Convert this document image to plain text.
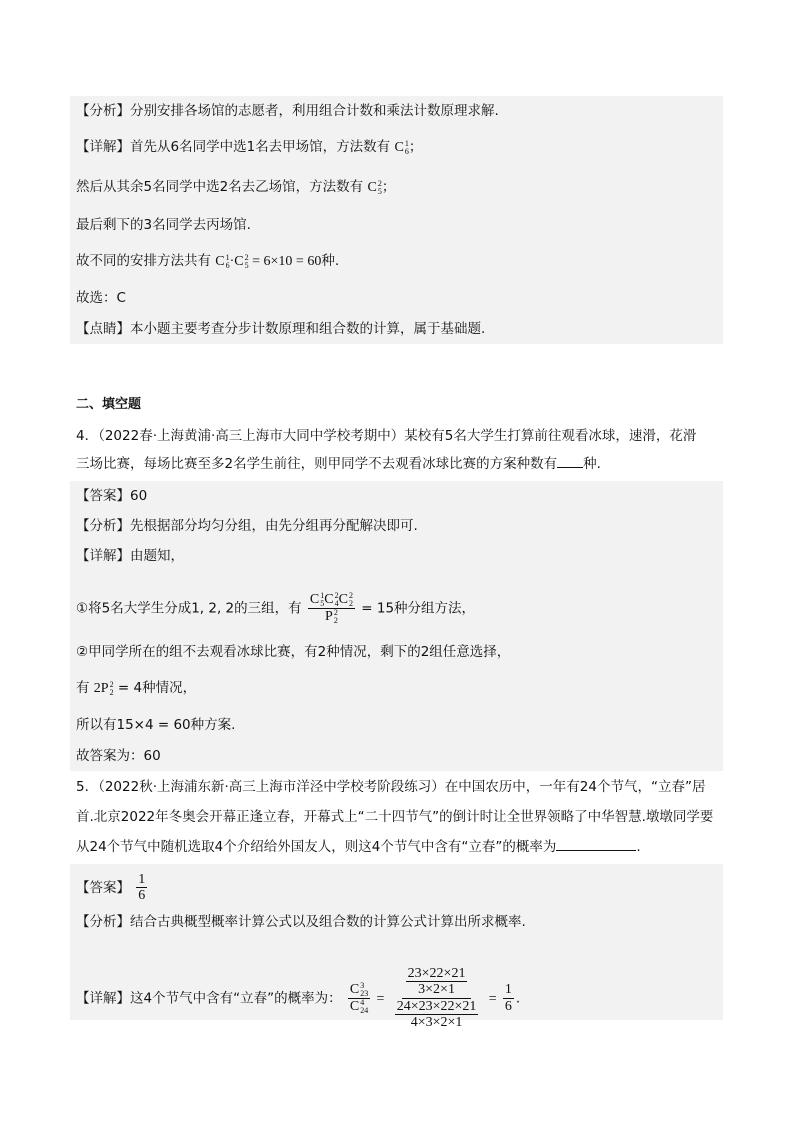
【分析】分别安排各场馆的志愿者，利用组合计数和乘法计数原理求解.
【详解】首先从6名同学中选1名去甲场馆，方法数有 C 1
6 ；
然后从其余5名同学中选2名去乙场馆，方法数有 C 2
5 ；
最后剩下的3名同学去丙场馆.
故不同的安排方法共有 C 1
6 ·C 2
5 = 6×10 = 60种.
故选：C
【点睛】本小题主要考查分步计数原理和组合数的计算，属于基础题.
二、填空题
4．（2022春·上海黄浦·高三上海市大同中学校考期中）某校有5名大学生打算前往观看冰球，速滑，花滑
三场比赛，每场比赛至多2名学生前往，则甲同学不去观看冰球比赛的方案种数有 种.
【答案】60
【分析】先根据部分均匀分组，由先分组再分配解决即可.
【详解】由题知，
①将5名大学生分成1, 2, 2的三组，有 C 1
5 C 2
4 C 2
2
P 2
2 = 15种分组方法，
②甲同学所在的组不去观看冰球比赛，有2种情况，剩下的2组任意选择，
有 2P 2
2 = 4种情况，
所以有15×4 = 60种方案.
故答案为：60
5．（2022秋·上海浦东新·高三上海市洋泾中学校考阶段练习）在中国农历中，一年有24个节气，“立春”居
首.北京2022年冬奥会开幕正逢立春，开幕式上“二十四节气”的倒计时让全世界领略了中华智慧.墩墩同学要
从24个节气中随机选取4个介绍给外国友人，则这4个节气中含有“立春”的概率为	.
【答案】 $\frac{1}{6}$
【分析】结合古典概型概率计算公式以及组合数的计算公式计算出所求概率.
【详解】这4个节气中含有“立春”的概率为： C 3
23
C 4
$24 = \frac{\frac{23\times 22\times 21}{3\times 2\times 1}}{\frac{24\times 23\times 22\times 21}{4\times 3\times 2\times 1}} = \frac{1}{6}$ .
